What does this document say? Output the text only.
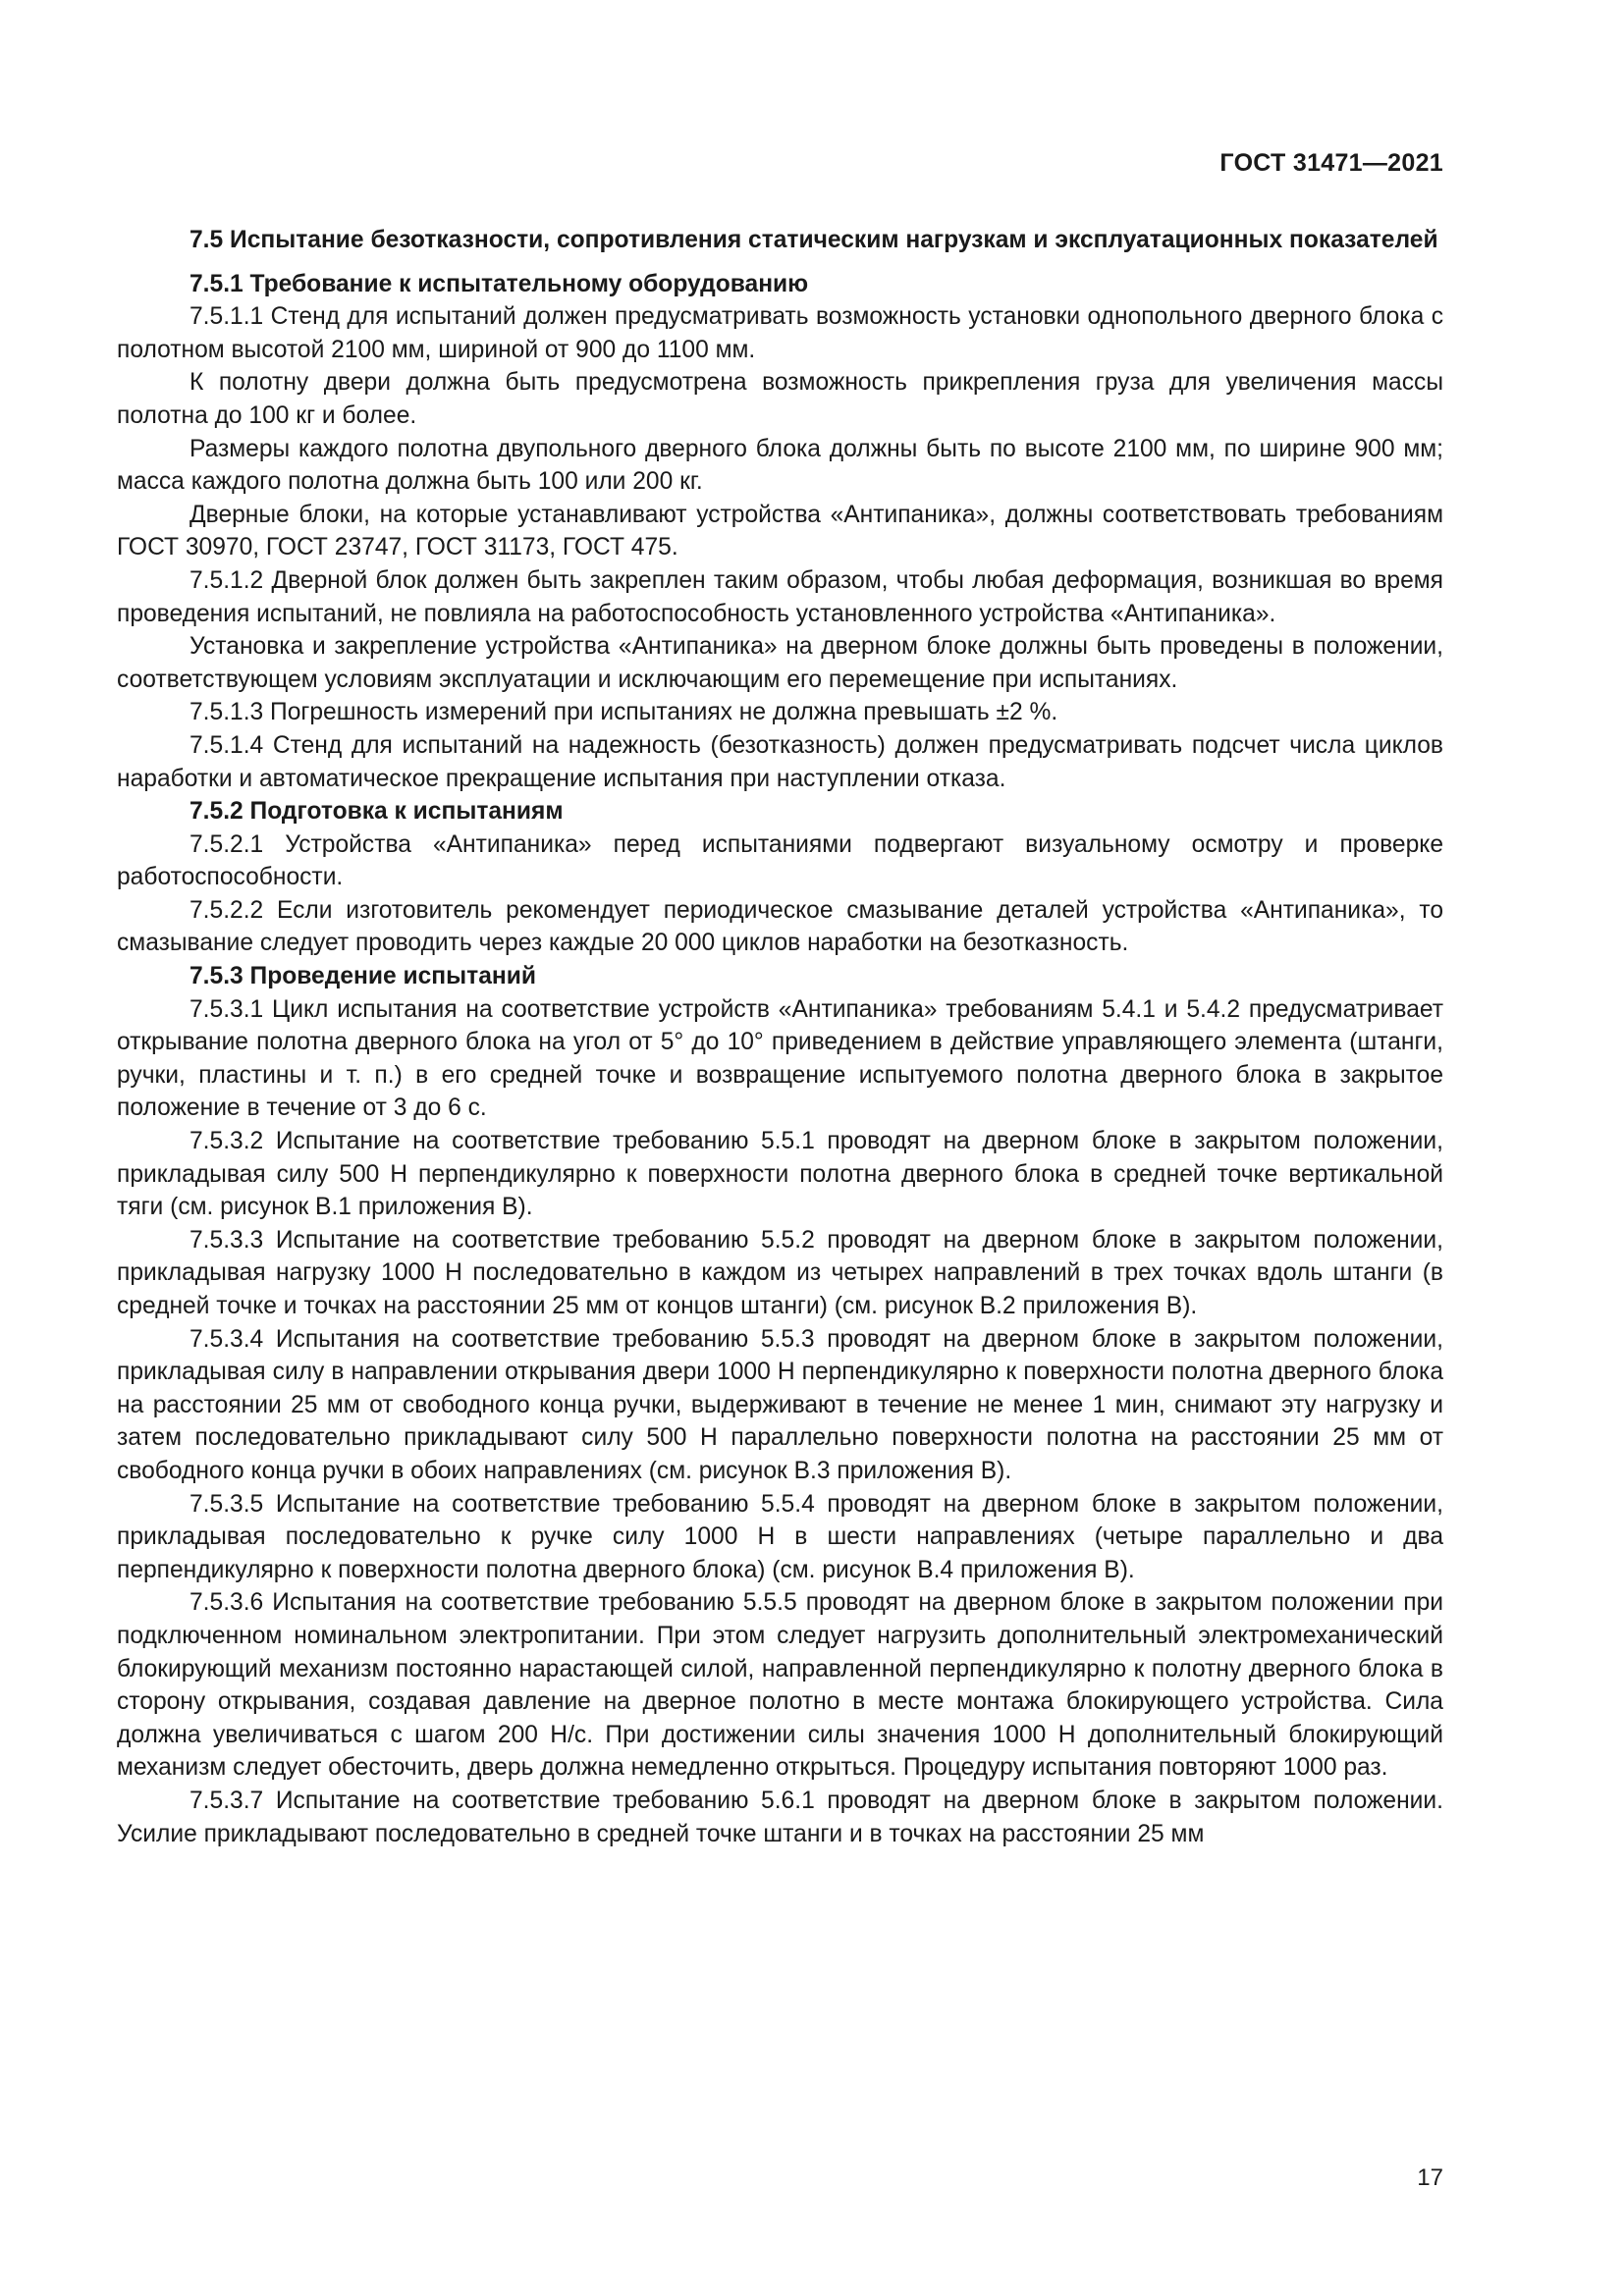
ГОСТ 31471—2021

7.5 Испытание безотказности, сопротивления статическим нагрузкам и эксплуатационных показателей

7.5.1 Требование к испытательному оборудованию

7.5.1.1 Стенд для испытаний должен предусматривать возможность установки однопольного дверного блока с полотном высотой 2100 мм, шириной от 900 до 1100 мм.

К полотну двери должна быть предусмотрена возможность прикрепления груза для увеличения массы полотна до 100 кг и более.

Размеры каждого полотна двупольного дверного блока должны быть по высоте 2100 мм, по ширине 900 мм; масса каждого полотна должна быть 100 или 200 кг.

Дверные блоки, на которые устанавливают устройства «Антипаника», должны соответствовать требованиям ГОСТ 30970, ГОСТ 23747, ГОСТ 31173, ГОСТ 475.

7.5.1.2 Дверной блок должен быть закреплен таким образом, чтобы любая деформация, возникшая во время проведения испытаний, не повлияла на работоспособность установленного устройства «Антипаника».

Установка и закрепление устройства «Антипаника» на дверном блоке должны быть проведены в положении, соответствующем условиям эксплуатации и исключающим его перемещение при испытаниях.

7.5.1.3 Погрешность измерений при испытаниях не должна превышать ±2 %.

7.5.1.4 Стенд для испытаний на надежность (безотказность) должен предусматривать подсчет числа циклов наработки и автоматическое прекращение испытания при наступлении отказа.

7.5.2 Подготовка к испытаниям

7.5.2.1 Устройства «Антипаника» перед испытаниями подвергают визуальному осмотру и проверке работоспособности.

7.5.2.2 Если изготовитель рекомендует периодическое смазывание деталей устройства «Антипаника», то смазывание следует проводить через каждые 20 000 циклов наработки на безотказность.

7.5.3 Проведение испытаний

7.5.3.1 Цикл испытания на соответствие устройств «Антипаника» требованиям 5.4.1 и 5.4.2 предусматривает открывание полотна дверного блока на угол от 5° до 10° приведением в действие управляющего элемента (штанги, ручки, пластины и т. п.) в его средней точке и возвращение испытуемого полотна дверного блока в закрытое положение в течение от 3 до 6 с.

7.5.3.2 Испытание на соответствие требованию 5.5.1 проводят на дверном блоке в закрытом положении, прикладывая силу 500 Н перпендикулярно к поверхности полотна дверного блока в средней точке вертикальной тяги (см. рисунок В.1 приложения В).

7.5.3.3 Испытание на соответствие требованию 5.5.2 проводят на дверном блоке в закрытом положении, прикладывая нагрузку 1000 Н последовательно в каждом из четырех направлений в трех точках вдоль штанги (в средней точке и точках на расстоянии 25 мм от концов штанги) (см. рисунок В.2 приложения В).

7.5.3.4 Испытания на соответствие требованию 5.5.3 проводят на дверном блоке в закрытом положении, прикладывая силу в направлении открывания двери 1000 Н перпендикулярно к поверхности полотна дверного блока на расстоянии 25 мм от свободного конца ручки, выдерживают в течение не менее 1 мин, снимают эту нагрузку и затем последовательно прикладывают силу 500 Н параллельно поверхности полотна на расстоянии 25 мм от свободного конца ручки в обоих направлениях (см. рисунок В.3 приложения В).

7.5.3.5 Испытание на соответствие требованию 5.5.4 проводят на дверном блоке в закрытом положении, прикладывая последовательно к ручке силу 1000 Н в шести направлениях (четыре параллельно и два перпендикулярно к поверхности полотна дверного блока) (см. рисунок В.4 приложения В).

7.5.3.6 Испытания на соответствие требованию 5.5.5 проводят на дверном блоке в закрытом положении при подключенном номинальном электропитании. При этом следует нагрузить дополнительный электромеханический блокирующий механизм постоянно нарастающей силой, направленной перпендикулярно к полотну дверного блока в сторону открывания, создавая давление на дверное полотно в месте монтажа блокирующего устройства. Сила должна увеличиваться с шагом 200 Н/с. При достижении силы значения 1000 Н дополнительный блокирующий механизм следует обесточить, дверь должна немедленно открыться. Процедуру испытания повторяют 1000 раз.

7.5.3.7 Испытание на соответствие требованию 5.6.1 проводят на дверном блоке в закрытом положении. Усилие прикладывают последовательно в средней точке штанги и в точках на расстоянии 25 мм

17
